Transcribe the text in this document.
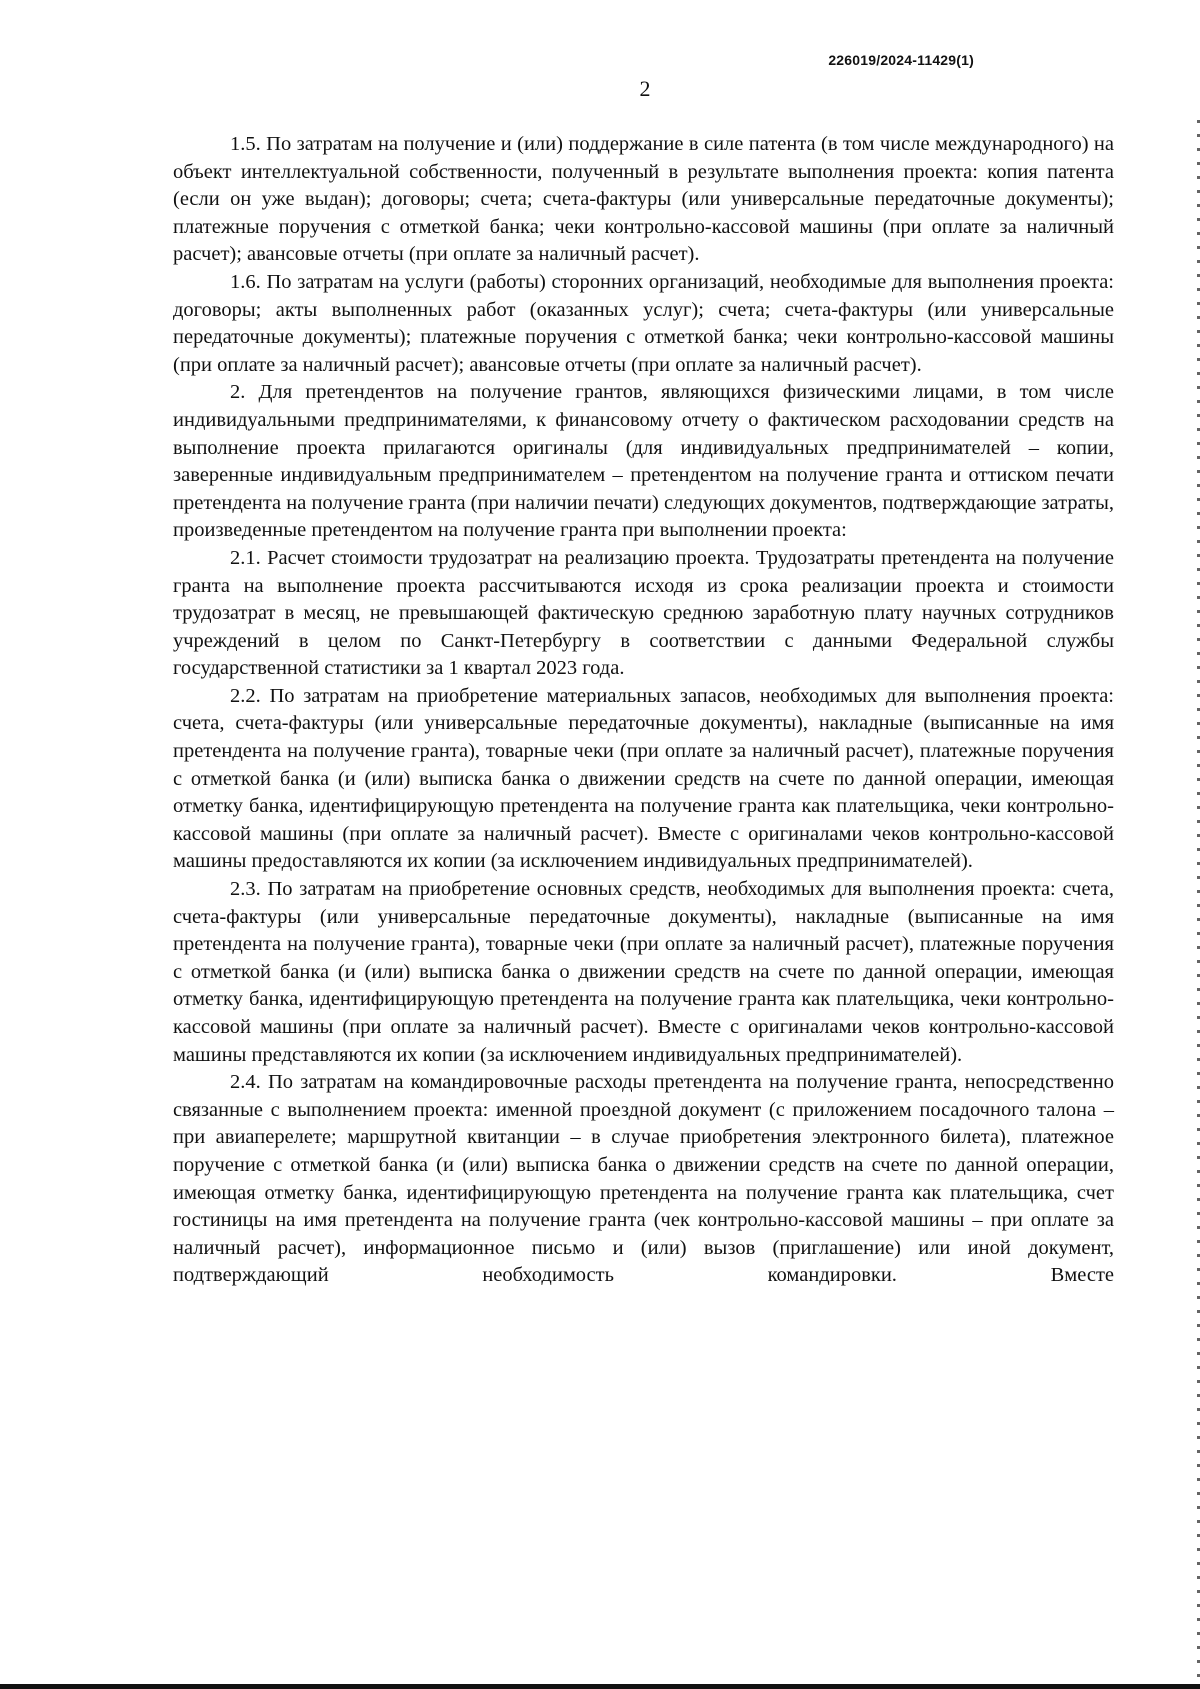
226019/2024-11429(1)
2

1.5. По затратам на получение и (или) поддержание в силе патента (в том числе международного) на объект интеллектуальной собственности, полученный в результате выполнения проекта: копия патента (если он уже выдан); договоры; счета; счета-фактуры (или универсальные передаточные документы); платежные поручения с отметкой банка; чеки контрольно-кассовой машины (при оплате за наличный расчет); авансовые отчеты (при оплате за наличный расчет).

1.6. По затратам на услуги (работы) сторонних организаций, необходимые для выполнения проекта: договоры; акты выполненных работ (оказанных услуг); счета; счета-фактуры (или универсальные передаточные документы); платежные поручения с отметкой банка; чеки контрольно-кассовой машины (при оплате за наличный расчет); авансовые отчеты (при оплате за наличный расчет).

2. Для претендентов на получение грантов, являющихся физическими лицами, в том числе индивидуальными предпринимателями, к финансовому отчету о фактическом расходовании средств на выполнение проекта прилагаются оригиналы (для индивидуальных предпринимателей – копии, заверенные индивидуальным предпринимателем – претендентом на получение гранта и оттиском печати претендента на получение гранта (при наличии печати) следующих документов, подтверждающие затраты, произведенные претендентом на получение гранта при выполнении проекта:

2.1. Расчет стоимости трудозатрат на реализацию проекта. Трудозатраты претендента на получение гранта на выполнение проекта рассчитываются исходя из срока реализации проекта и стоимости трудозатрат в месяц, не превышающей фактическую среднюю заработную плату научных сотрудников учреждений в целом по Санкт-Петербургу в соответствии с данными Федеральной службы государственной статистики за 1 квартал 2023 года.

2.2. По затратам на приобретение материальных запасов, необходимых для выполнения проекта: счета, счета-фактуры (или универсальные передаточные документы), накладные (выписанные на имя претендента на получение гранта), товарные чеки (при оплате за наличный расчет), платежные поручения с отметкой банка (и (или) выписка банка о движении средств на счете по данной операции, имеющая отметку банка, идентифицирующую претендента на получение гранта как плательщика, чеки контрольно-кассовой машины (при оплате за наличный расчет). Вместе с оригиналами чеков контрольно-кассовой машины предоставляются их копии (за исключением индивидуальных предпринимателей).

2.3. По затратам на приобретение основных средств, необходимых для выполнения проекта: счета, счета-фактуры (или универсальные передаточные документы), накладные (выписанные на имя претендента на получение гранта), товарные чеки (при оплате за наличный расчет), платежные поручения с отметкой банка (и (или) выписка банка о движении средств на счете по данной операции, имеющая отметку банка, идентифицирующую претендента на получение гранта как плательщика, чеки контрольно-кассовой машины (при оплате за наличный расчет). Вместе с оригиналами чеков контрольно-кассовой машины представляются их копии (за исключением индивидуальных предпринимателей).

2.4. По затратам на командировочные расходы претендента на получение гранта, непосредственно связанные с выполнением проекта: именной проездной документ (с приложением посадочного талона – при авиаперелете; маршрутной квитанции – в случае приобретения электронного билета), платежное поручение с отметкой банка (и (или) выписка банка о движении средств на счете по данной операции, имеющая отметку банка, идентифицирующую претендента на получение гранта как плательщика, счет гостиницы на имя претендента на получение гранта (чек контрольно-кассовой машины – при оплате за наличный расчет), информационное письмо и (или) вызов (приглашение) или иной документ, подтверждающий необходимость командировки. Вместе
